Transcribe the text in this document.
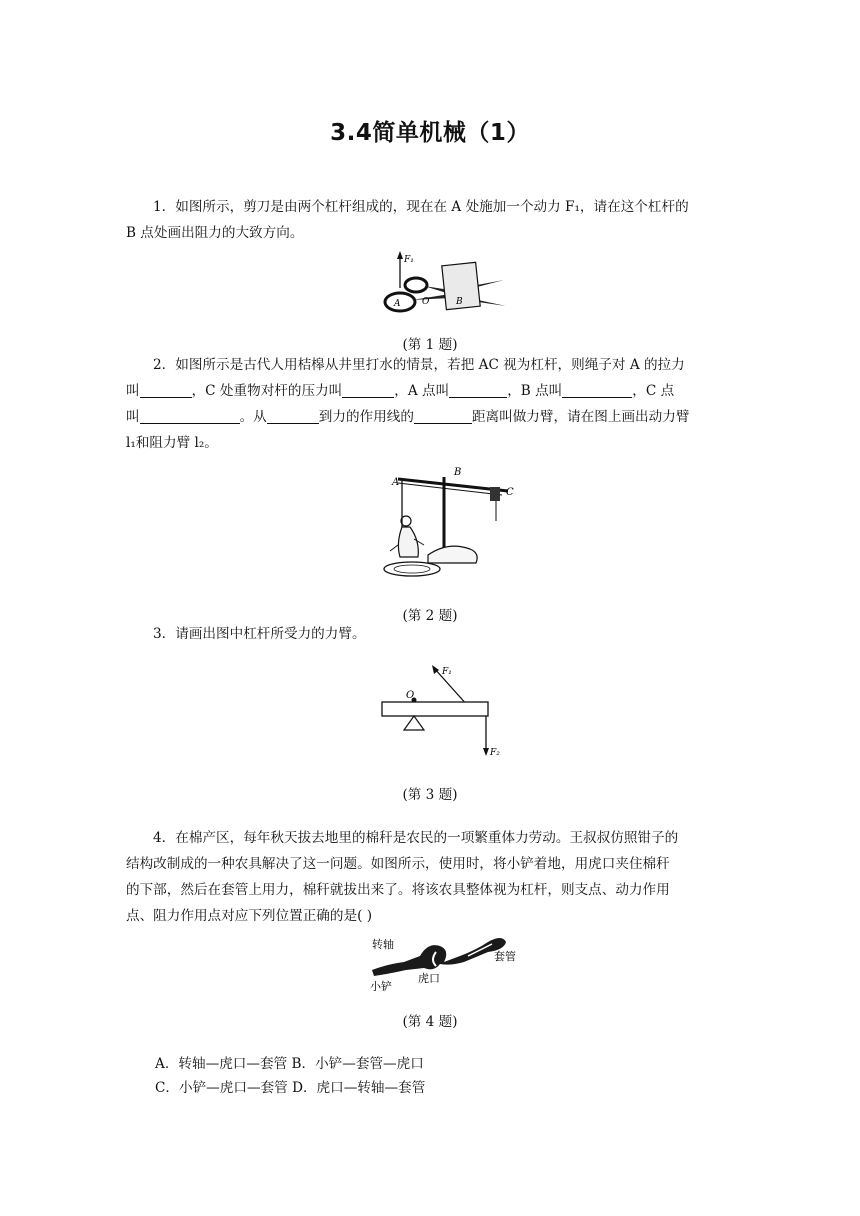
3.4简单机械（1）

1．如图所示，剪刀是由两个杠杆组成的，现在在 A 处施加一个动力 F₁，请在这个杠杆的

B 点处画出阻力的大致方向。

F₁
A O	B
(第 1 题)

2．如图所示是古代人用桔槔从井里打水的情景，若把 AC 视为杠杆，则绳子对 A 的拉力

叫	，C 处重物对杆的压力叫	，A 点叫	，B 点叫	，C 点

叫	。从	到力的作用线的	距离叫做力臂，请在图上画出动力臂

l₁和阻力臂 l₂。

A
B
C
(第 2 题)

3．请画出图中杠杆所受力的力臂。

F₁
O
F₂
(第 3 题)

4．在棉产区，每年秋天拔去地里的棉秆是农民的一项繁重体力劳动。王叔叔仿照钳子的

结构改制成的一种农具解决了这一问题。如图所示，使用时，将小铲着地，用虎口夹住棉秆

的下部，然后在套管上用力，棉秆就拔出来了。将该农具整体视为杠杆，则支点、动力作用

点、阻力作用点对应下列位置正确的是( )

转轴
套管
虎口
小铲
(第 4 题)
A．转轴—虎口—套管 B．小铲—套管—虎口
C．小铲—虎口—套管 D．虎口—转轴—套管
